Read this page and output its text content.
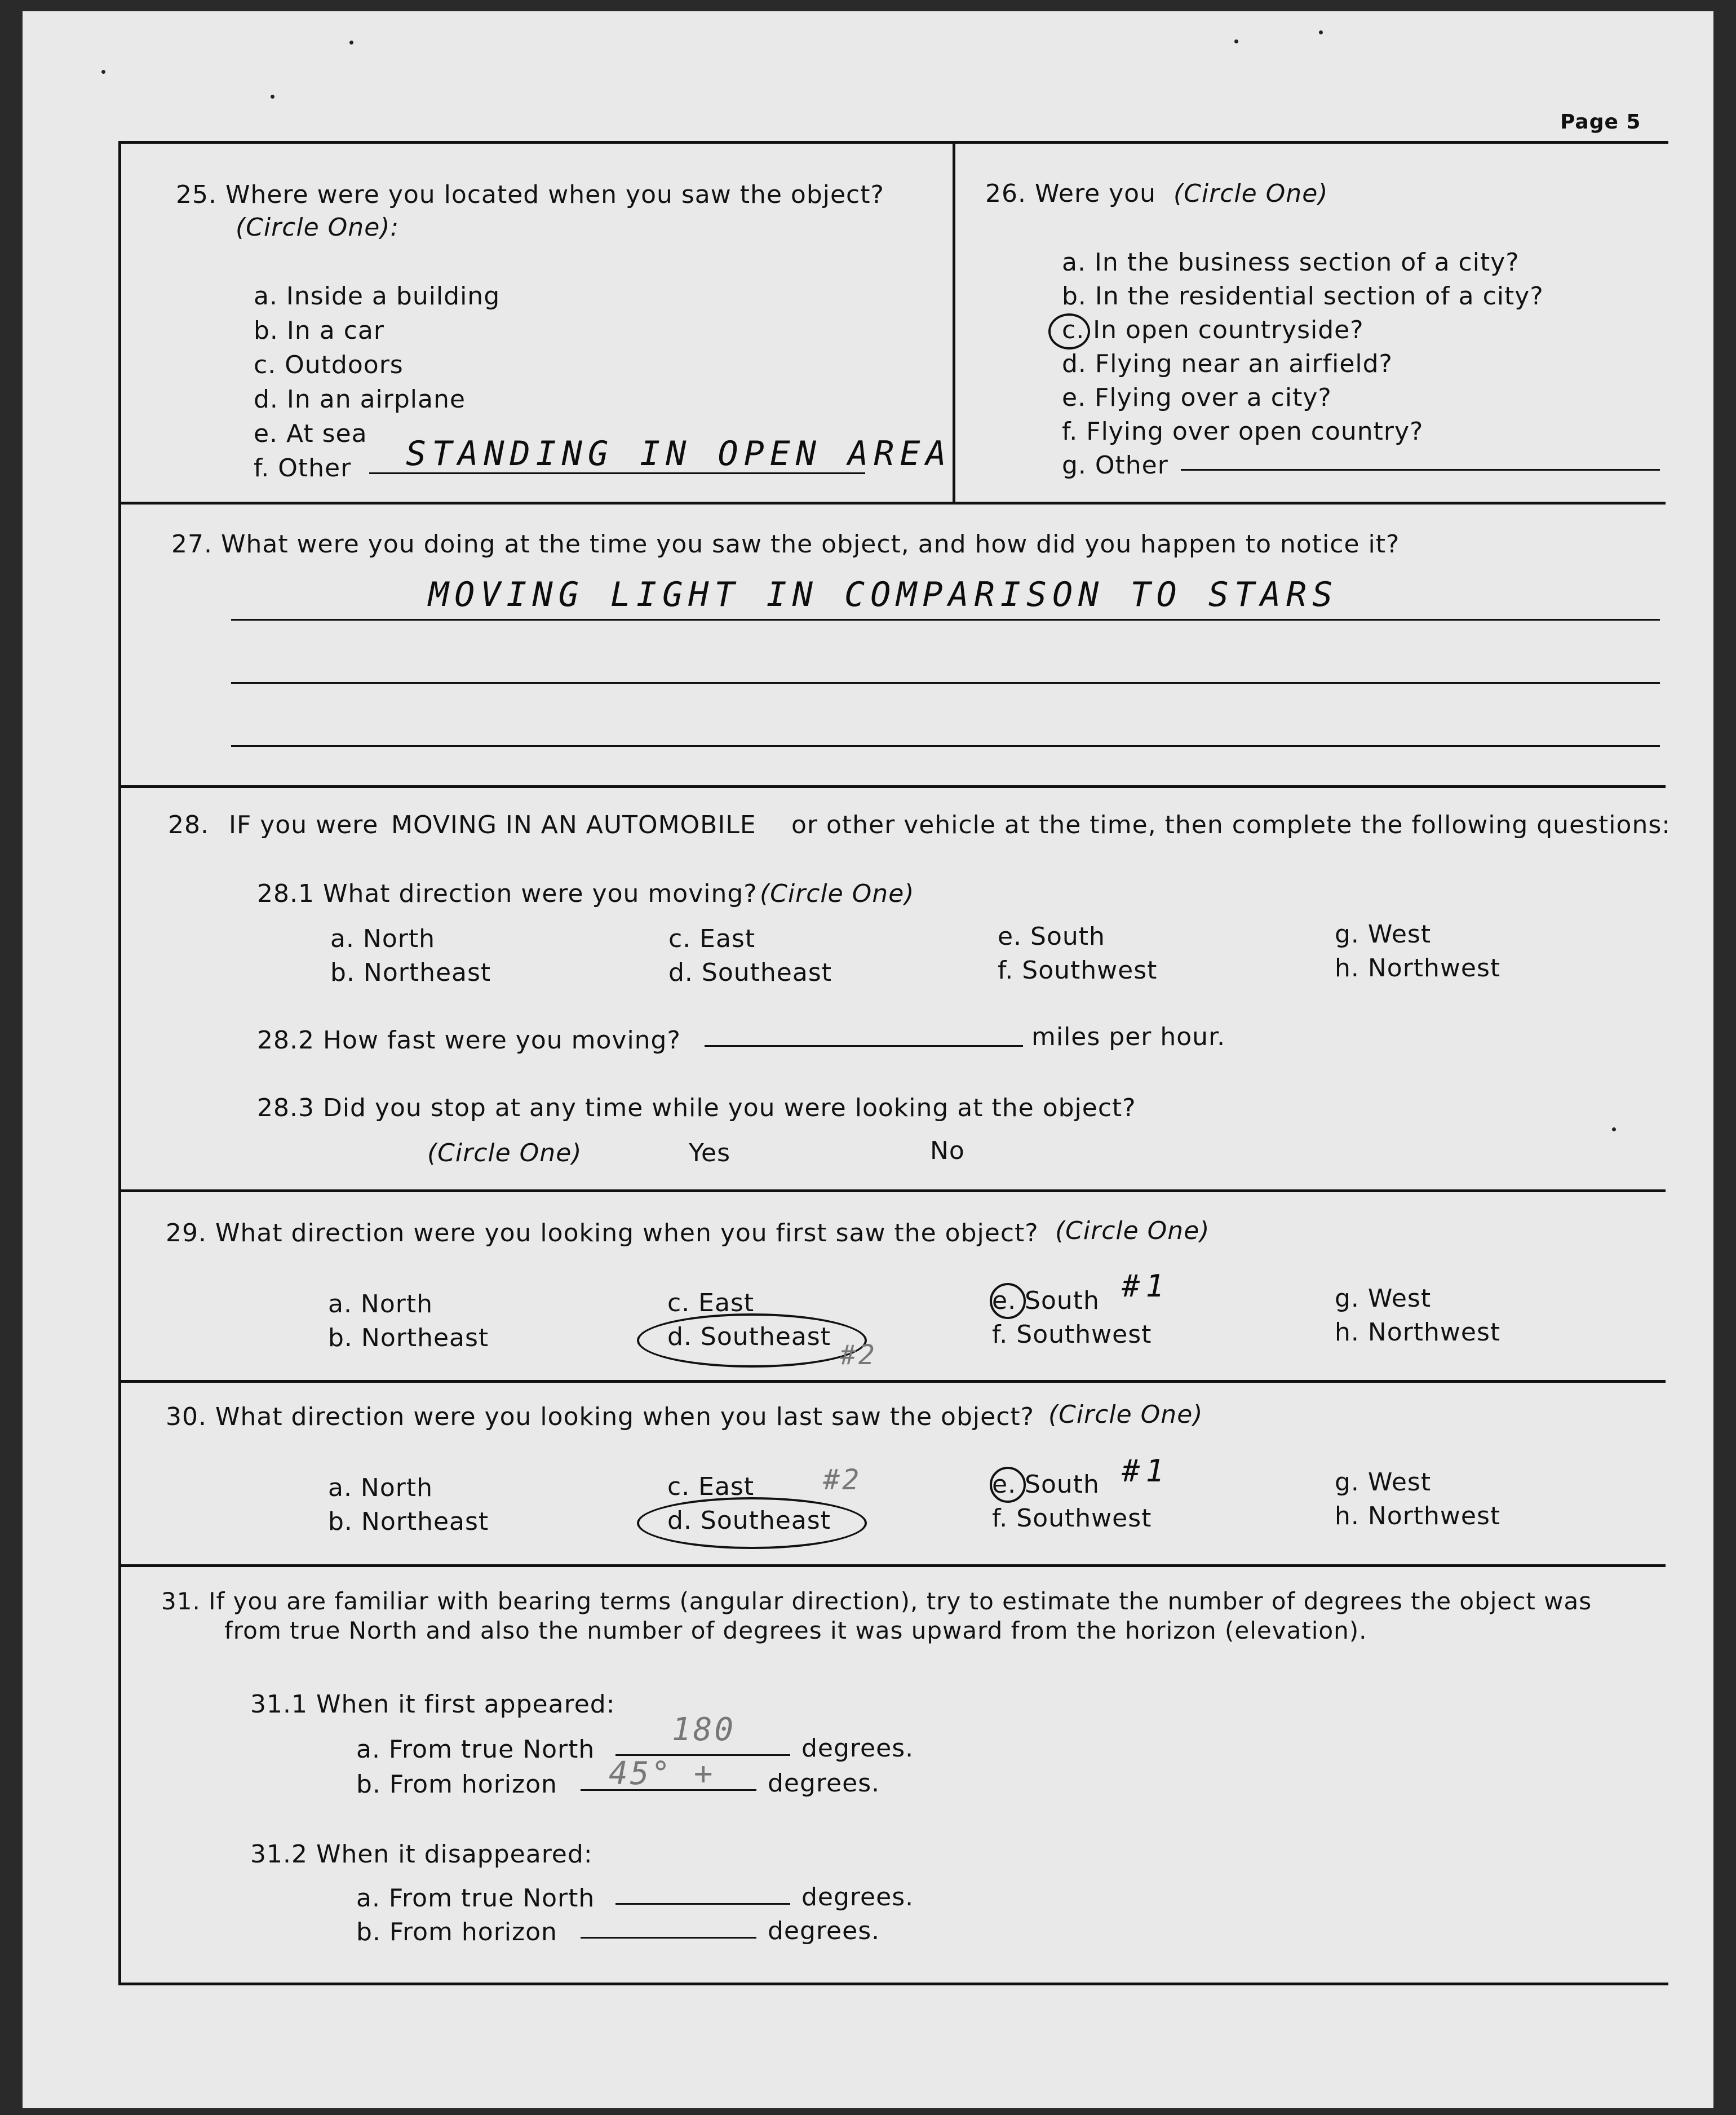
Page 5
25. Where were you located when you saw the object?
(Circle One):
a. Inside a building
b. In a car
c. Outdoors
d. In an airplane
e. At sea
f. Other STANDING IN OPEN AREA
26. Were you (Circle One)
a. In the business section of a city?
b. In the residential section of a city?
c. In open countryside?
d. Flying near an airfield?
e. Flying over a city?
f. Flying over open country?
g. Other
27. What were you doing at the time you saw the object, and how did you happen to notice it?
MOVING LIGHT IN COMPARISON TO STARS
28. IF you were MOVING IN AN AUTOMOBILE or other vehicle at the time, then complete the following questions:
28.1 What direction were you moving? (Circle One)
a. North
b. Northeast
c. East
d. Southeast
e. South
f. Southwest
g. West
h. Northwest
28.2 How fast were you moving?	miles per hour.
28.3 Did you stop at any time while you were looking at the object?
(Circle One)	Yes	No
29. What direction were you looking when you first saw the object? (Circle One)
a. North
b. Northeast
c. East
d. Southeast
#2
e. South #1
f. Southwest
g. West
h. Northwest
30. What direction were you looking when you last saw the object? (Circle One)
a. North
b. Northeast
c. East #2
d. Southeast
e. South #1
f. Southwest
g. West
h. Northwest
31. If you are familiar with bearing terms (angular direction), try to estimate the number of degrees the object was
from true North and also the number of degrees it was upward from the horizon (elevation).
31.1 When it first appeared:
a. From true North
180
degrees.
b. From horizon 45° + degrees.
31.2 When it disappeared:
a. From true North	degrees.
b. From horizon	degrees.
